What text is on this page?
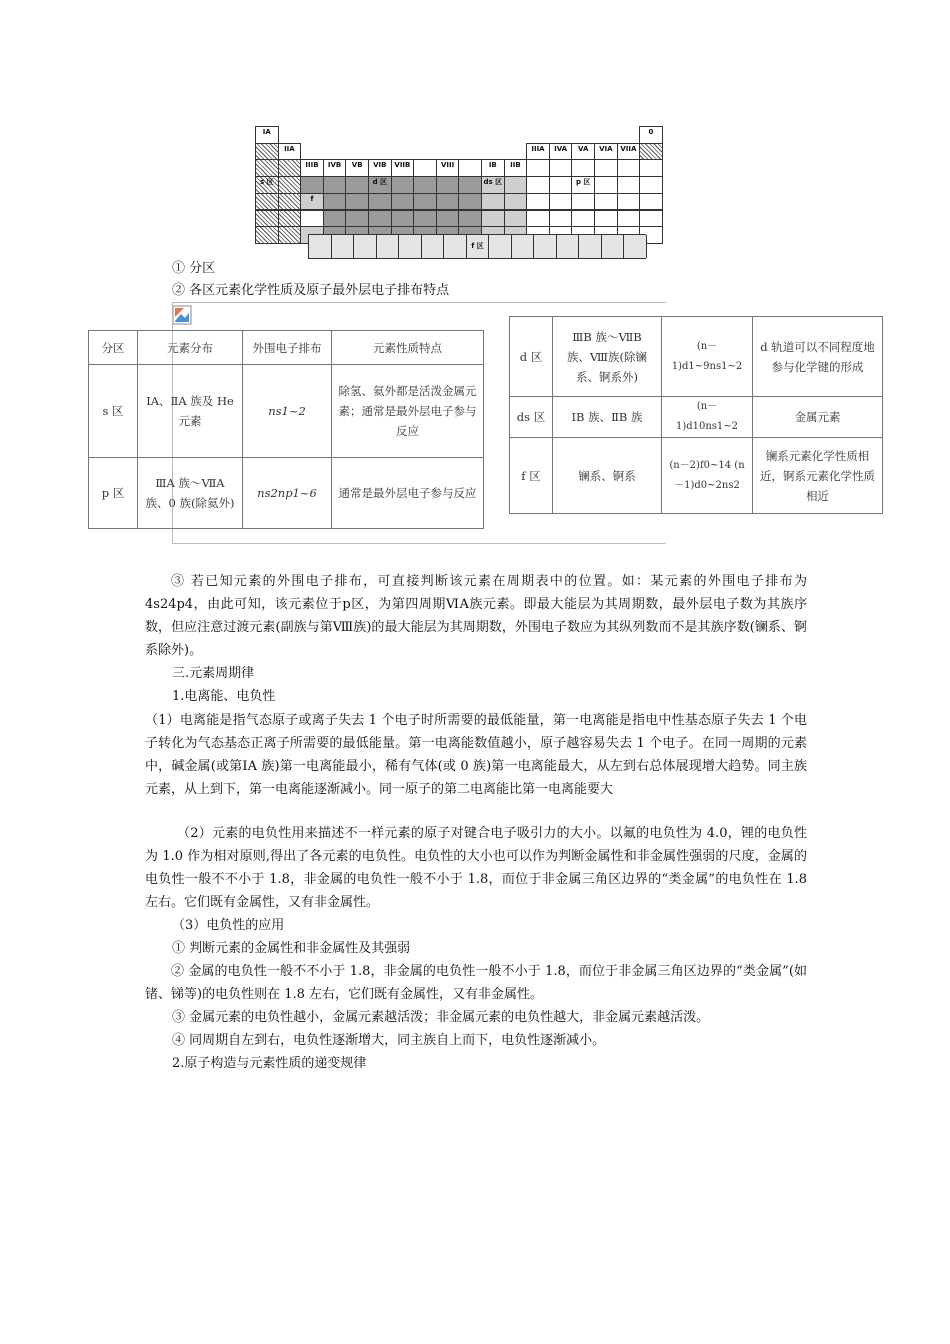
IA	0
IIA	IIIA	IVA	VA	VIA	VIIA
s 区
IIIB	IVB	VB	VIB	VIIB	VIII	IB	IIB
d 区	ds 区	p 区
f
f 区
① 分区
② 各区元素化学性质及原子最外层电子排布特点
分区	元素分布	外围电子排布	元素性质特点
s 区	ⅠA、ⅡA 族及 He 元素	ns1~2	除氢、氦外都是活泼金属元素；通常是最外层电子参与反应
p 区	ⅢA 族～ⅦA 族、0 族(除氦外)	ns2np1~6	通常是最外层电子参与反应
d 区	ⅢB 族～ⅦB 族、Ⅷ族(除镧系、锕系外)	(n－1)d1~9ns1~2	d 轨道可以不同程度地参与化学键的形成
ds 区	ⅠB 族、ⅡB 族	(n－1)d10ns1~2	金属元素
f 区	镧系、锕系	(n－2)f0~14 (n－1)d0~2ns2	镧系元素化学性质相近，锕系元素化学性质相近
③ 若已知元素的外围电子排布，可直接判断该元素在周期表中的位置。如：某元素的外围电子排布为4s24p4，由此可知，该元素位于p区，为第四周期ⅥA族元素。即最大能层为其周期数，最外层电子数为其族序数，但应注意过渡元素(副族与第Ⅷ族)的最大能层为其周期数，外围电子数应为其纵列数而不是其族序数(镧系、锕系除外)。
三.元素周期律
1.电离能、电负性
（1）电离能是指气态原子或离子失去 1 个电子时所需要的最低能量，第一电离能是指电中性基态原子失去 1 个电子转化为气态基态正离子所需要的最低能量。第一电离能数值越小，原子越容易失去 1 个电子。在同一周期的元素中，碱金属(或第ⅠA 族)第一电离能最小，稀有气体(或 0 族)第一电离能最大，从左到右总体展现增大趋势。同主族元素，从上到下，第一电离能逐渐减小。同一原子的第二电离能比第一电离能要大
（2）元素的电负性用来描述不一样元素的原子对键合电子吸引力的大小。以氟的电负性为 4.0，锂的电负性为 1.0 作为相对原则,得出了各元素的电负性。电负性的大小也可以作为判断金属性和非金属性强弱的尺度，金属的电负性一般不不小于 1.8，非金属的电负性一般不小于 1.8，而位于非金属三角区边界的“类金属”的电负性在 1.8 左右。它们既有金属性，又有非金属性。
（3）电负性的应用
① 判断元素的金属性和非金属性及其强弱
② 金属的电负性一般不不小于 1.8，非金属的电负性一般不小于 1.8，而位于非金属三角区边界的“类金属”(如锗、锑等)的电负性则在 1.8 左右，它们既有金属性，又有非金属性。
③ 金属元素的电负性越小，金属元素越活泼；非金属元素的电负性越大，非金属元素越活泼。
④ 同周期自左到右，电负性逐渐增大，同主族自上而下，电负性逐渐减小。
2.原子构造与元素性质的递变规律
